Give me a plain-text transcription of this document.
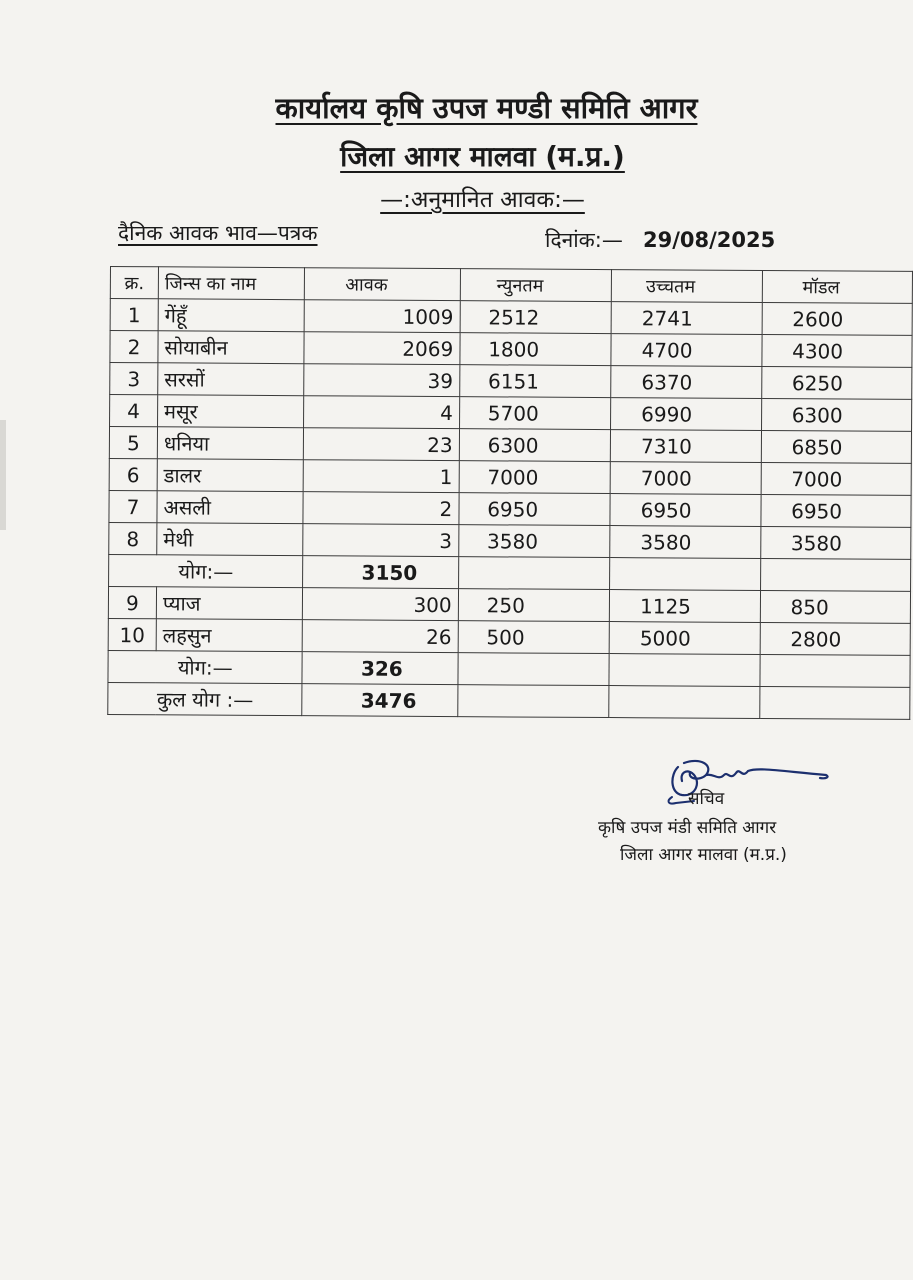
कार्यालय कृषि उपज मण्डी समिति आगर
जिला आगर मालवा (म.प्र.)
—:अनुमानित आवक:—
दैनिक आवक भाव—पत्रक	दिनांक:— 29/08/2025
क्र.	जिन्स का नाम	आवक	न्युनतम	उच्चतम	मॉडल
1	गेंहूँ	1009	2512	2741	2600
2	सोयाबीन	2069	1800	4700	4300
3	सरसों	39	6151	6370	6250
4	मसूर	4	5700	6990	6300
5	धनिया	23	6300	7310	6850
6	डालर	1	7000	7000	7000
7	असली	2	6950	6950	6950
8	मेथी	3	3580	3580	3580
योग:—		3150			
9	प्याज	300	250	1125	850
10	लहसुन	26	500	5000	2800
योग:—		326			
कुल योग :—		3476			
सचिव
कृषि उपज मंडी समिति आगर
जिला आगर मालवा (म.प्र.)
